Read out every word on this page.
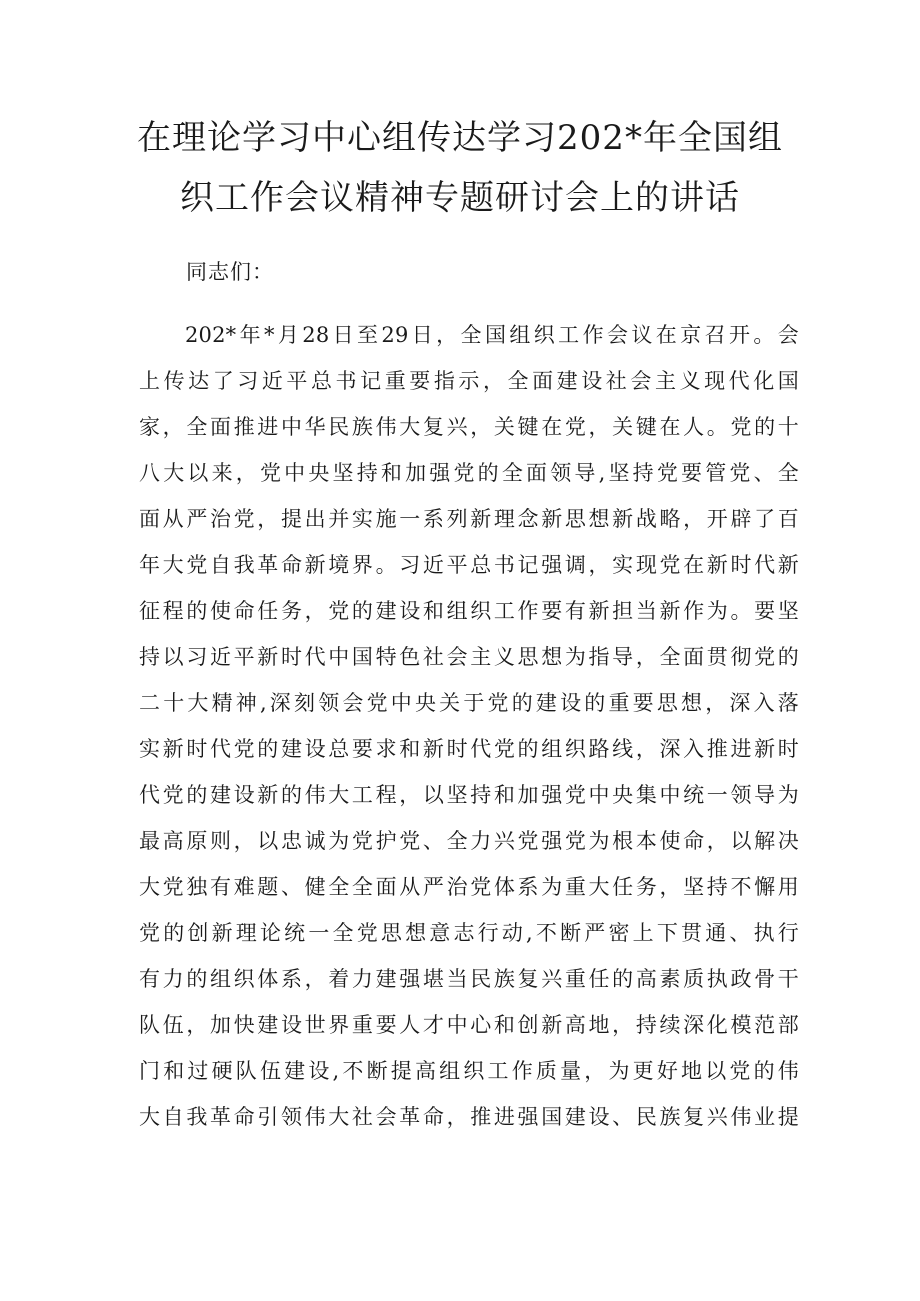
在理论学习中心组传达学习202*年全国组
织工作会议精神专题研讨会上的讲话

同志们：

202*年*月28日至29日，全国组织工作会议在京召开。会
上传达了习近平总书记重要指示，全面建设社会主义现代化国
家，全面推进中华民族伟大复兴，关键在党，关键在人。党的十
八大以来，党中央坚持和加强党的全面领导,坚持党要管党、全
面从严治党，提出并实施一系列新理念新思想新战略，开辟了百
年大党自我革命新境界。习近平总书记强调，实现党在新时代新
征程的使命任务，党的建设和组织工作要有新担当新作为。要坚
持以习近平新时代中国特色社会主义思想为指导，全面贯彻党的
二十大精神,深刻领会党中央关于党的建设的重要思想，深入落
实新时代党的建设总要求和新时代党的组织路线，深入推进新时
代党的建设新的伟大工程，以坚持和加强党中央集中统一领导为
最高原则，以忠诚为党护党、全力兴党强党为根本使命，以解决
大党独有难题、健全全面从严治党体系为重大任务，坚持不懈用
党的创新理论统一全党思想意志行动,不断严密上下贯通、执行
有力的组织体系，着力建强堪当民族复兴重任的高素质执政骨干
队伍，加快建设世界重要人才中心和创新高地，持续深化模范部
门和过硬队伍建设,不断提高组织工作质量，为更好地以党的伟
大自我革命引领伟大社会革命，推进强国建设、民族复兴伟业提
